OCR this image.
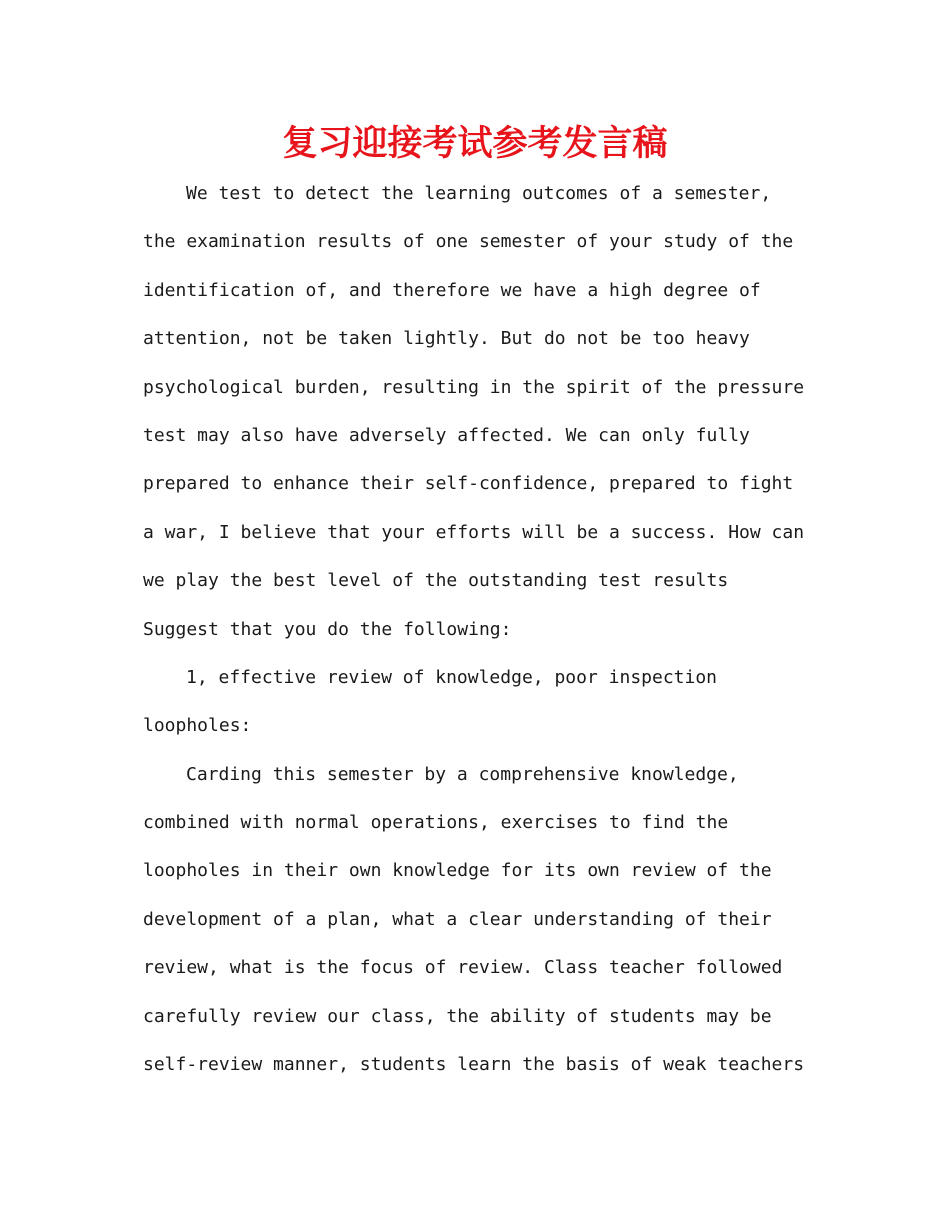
复习迎接考试参考发言稿
We test to detect the learning outcomes of a semester,
the examination results of one semester of your study of the
identification of, and therefore we have a high degree of
attention, not be taken lightly. But do not be too heavy
psychological burden, resulting in the spirit of the pressure
test may also have adversely affected. We can only fully
prepared to enhance their self-confidence, prepared to fight
a war, I believe that your efforts will be a success. How can
we play the best level of the outstanding test results
Suggest that you do the following:
1, effective review of knowledge, poor inspection
loopholes:
Carding this semester by a comprehensive knowledge,
combined with normal operations, exercises to find the
loopholes in their own knowledge for its own review of the
development of a plan, what a clear understanding of their
review, what is the focus of review. Class teacher followed
carefully review our class, the ability of students may be
self-review manner, students learn the basis of weak teachers
